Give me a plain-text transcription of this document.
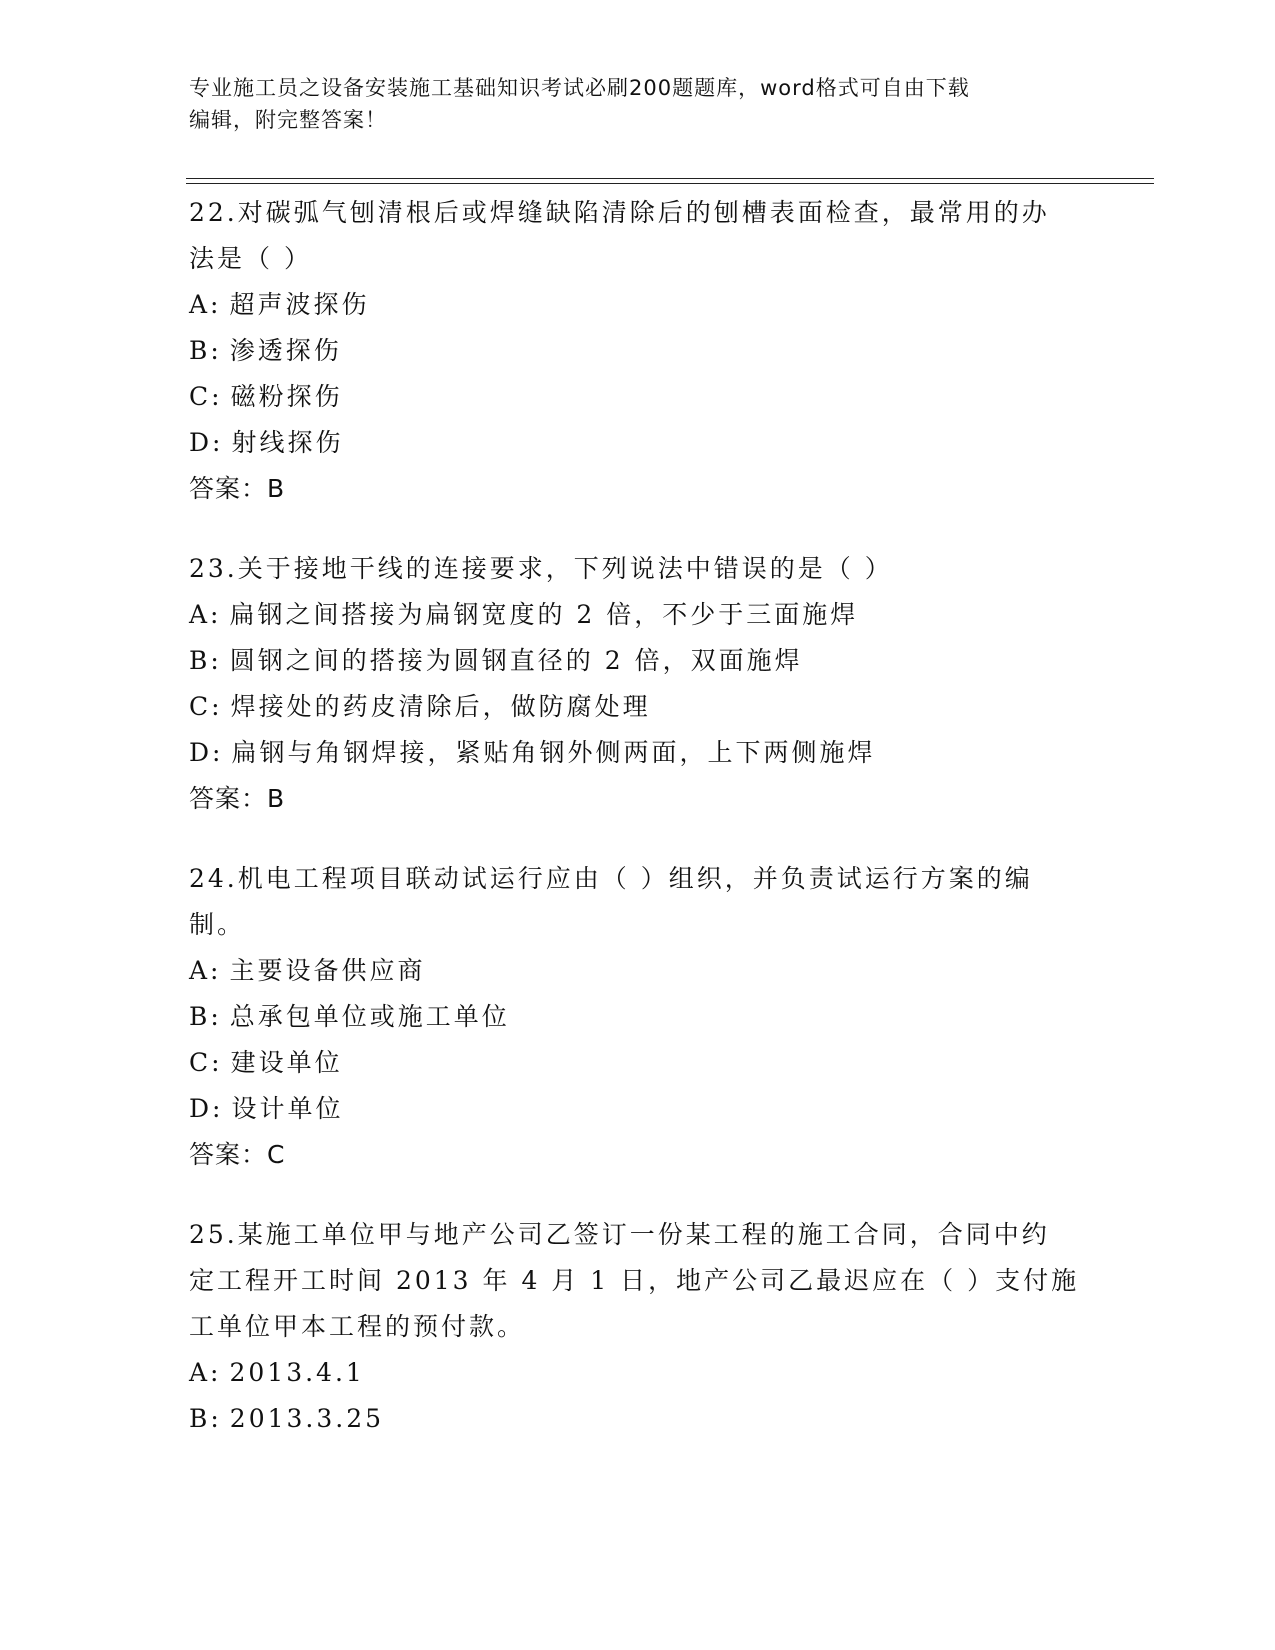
专业施工员之设备安装施工基础知识考试必刷200题题库，word格式可自由下载
编辑，附完整答案！
22.对碳弧气刨清根后或焊缝缺陷清除后的刨槽表面检查，最常用的办
法是（ ）
A: 超声波探伤
B: 渗透探伤
C: 磁粉探伤
D: 射线探伤
答案：B
23.关于接地干线的连接要求，下列说法中错误的是（ ）
A: 扁钢之间搭接为扁钢宽度的 2 倍，不少于三面施焊
B: 圆钢之间的搭接为圆钢直径的 2 倍，双面施焊
C: 焊接处的药皮清除后，做防腐处理
D: 扁钢与角钢焊接，紧贴角钢外侧两面，上下两侧施焊
答案：B
24.机电工程项目联动试运行应由（ ）组织，并负责试运行方案的编
制。
A: 主要设备供应商
B: 总承包单位或施工单位
C: 建设单位
D: 设计单位
答案：C
25.某施工单位甲与地产公司乙签订一份某工程的施工合同，合同中约
定工程开工时间 2013 年 4 月 1 日，地产公司乙最迟应在（ ）支付施
工单位甲本工程的预付款。
A: 2013.4.1
B: 2013.3.25
